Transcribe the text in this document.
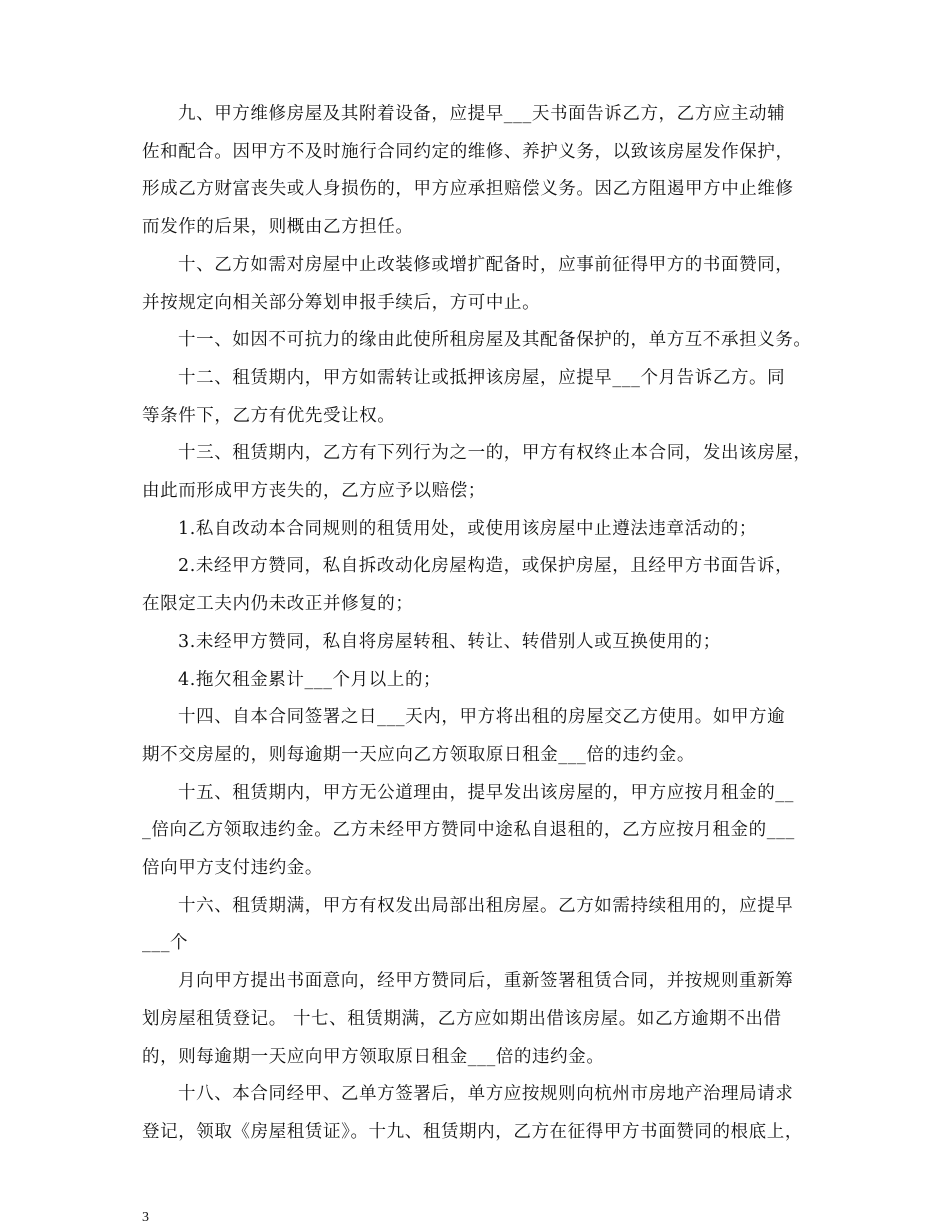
九、甲方维修房屋及其附着设备，应提早___天书面告诉乙方，乙方应主动辅
佐和配合。因甲方不及时施行合同约定的维修、养护义务，以致该房屋发作保护，
形成乙方财富丧失或人身损伤的，甲方应承担赔偿义务。因乙方阻遏甲方中止维修
而发作的后果，则概由乙方担任。
十、乙方如需对房屋中止改装修或增扩配备时，应事前征得甲方的书面赞同，
并按规定向相关部分筹划申报手续后，方可中止。
十一、如因不可抗力的缘由此使所租房屋及其配备保护的，单方互不承担义务。
十二、租赁期内，甲方如需转让或抵押该房屋，应提早___个月告诉乙方。同
等条件下，乙方有优先受让权。
十三、租赁期内，乙方有下列行为之一的，甲方有权终止本合同，发出该房屋，
由此而形成甲方丧失的，乙方应予以赔偿；
1.私自改动本合同规则的租赁用处，或使用该房屋中止遵法违章活动的；
2.未经甲方赞同，私自拆改动化房屋构造，或保护房屋，且经甲方书面告诉，
在限定工夫内仍未改正并修复的；
3.未经甲方赞同，私自将房屋转租、转让、转借别人或互换使用的；
4.拖欠租金累计___个月以上的；
十四、自本合同签署之日___天内，甲方将出租的房屋交乙方使用。如甲方逾
期不交房屋的，则每逾期一天应向乙方领取原日租金___倍的违约金。
十五、租赁期内，甲方无公道理由，提早发出该房屋的，甲方应按月租金的__
_倍向乙方领取违约金。乙方未经甲方赞同中途私自退租的，乙方应按月租金的___
倍向甲方支付违约金。
十六、租赁期满，甲方有权发出局部出租房屋。乙方如需持续租用的，应提早
___个
月向甲方提出书面意向，经甲方赞同后，重新签署租赁合同，并按规则重新筹
划房屋租赁登记。 十七、租赁期满，乙方应如期出借该房屋。如乙方逾期不出借
的，则每逾期一天应向甲方领取原日租金___倍的违约金。
十八、本合同经甲、乙单方签署后，单方应按规则向杭州市房地产治理局请求
登记，领取《房屋租赁证》。十九、租赁期内，乙方在征得甲方书面赞同的根底上，
3
